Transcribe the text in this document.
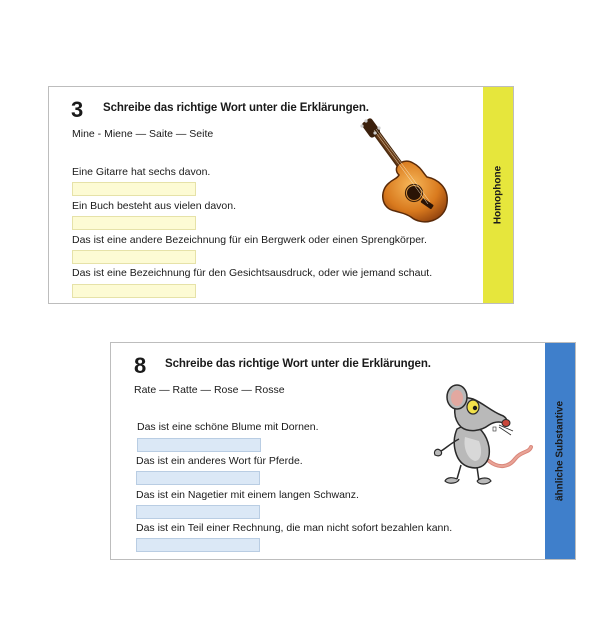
3 Schreibe das richtige Wort unter die Erklärungen.
Mine - Miene — Saite — Seite
Eine Gitarre hat sechs davon.
Ein Buch besteht aus vielen davon.
Das ist eine andere Bezeichnung für ein Bergwerk oder einen Sprengkörper.
Das ist eine Bezeichnung für den Gesichtsausdruck, oder wie jemand schaut.
Homophone
8 Schreibe das richtige Wort unter die Erklärungen.
Rate — Ratte — Rose — Rosse
Das ist eine schöne Blume mit Dornen.
Das ist ein anderes Wort für Pferde.
Das ist ein Nagetier mit einem langen Schwanz.
Das ist ein Teil einer Rechnung, die man nicht sofort bezahlen kann.
ähnliche Substantive
